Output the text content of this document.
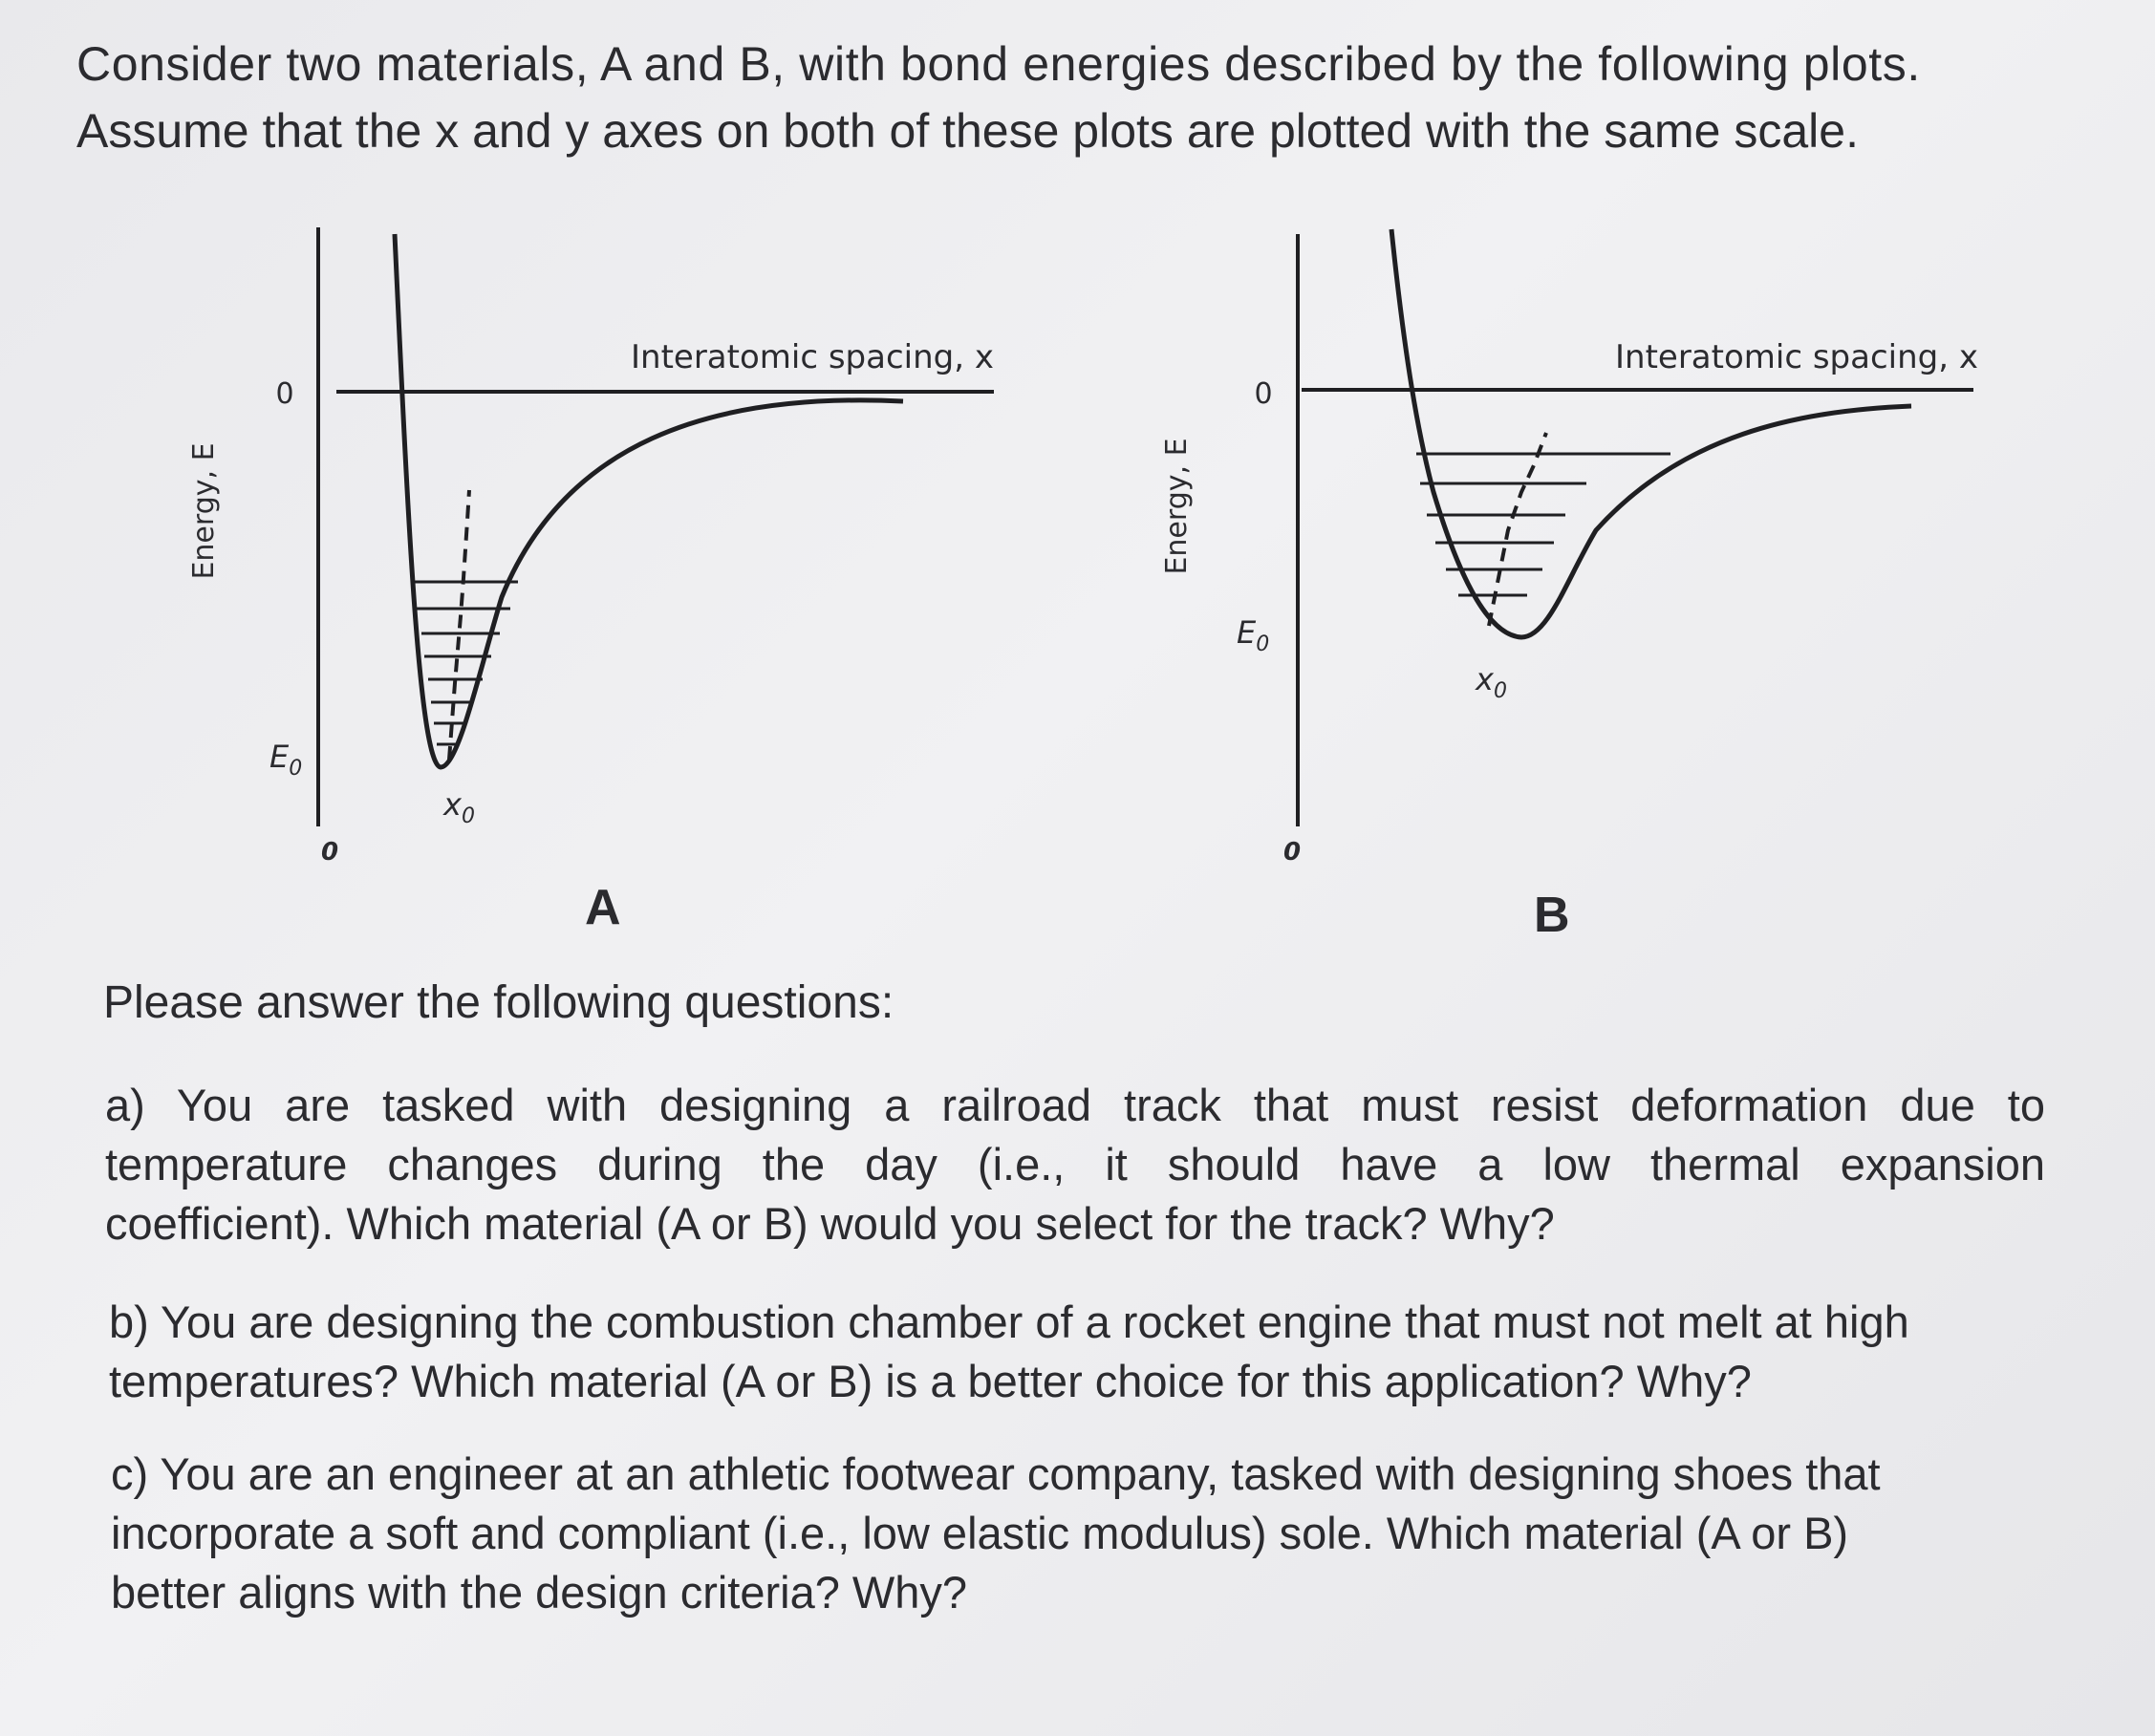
Consider two materials, A and B, with bond energies described by the following plots.

Assume that the x and y axes on both of these plots are plotted with the same scale.

Energy, E
0
Interatomic spacing, x
$E_0$
$x_0$
0
A
Energy, E
0
Interatomic spacing, x
$E_0$
$x_0$
0
B

Please answer the following questions:

a) You are tasked with designing a railroad track that must resist deformation due to
temperature changes during the day (i.e., it should have a low thermal expansion
coefficient). Which material (A or B) would you select for the track? Why?
b) You are designing the combustion chamber of a rocket engine that must not melt at high
temperatures? Which material (A or B) is a better choice for this application? Why?
c) You are an engineer at an athletic footwear company, tasked with designing shoes that
incorporate a soft and compliant (i.e., low elastic modulus) sole. Which material (A or B)
better aligns with the design criteria? Why?
